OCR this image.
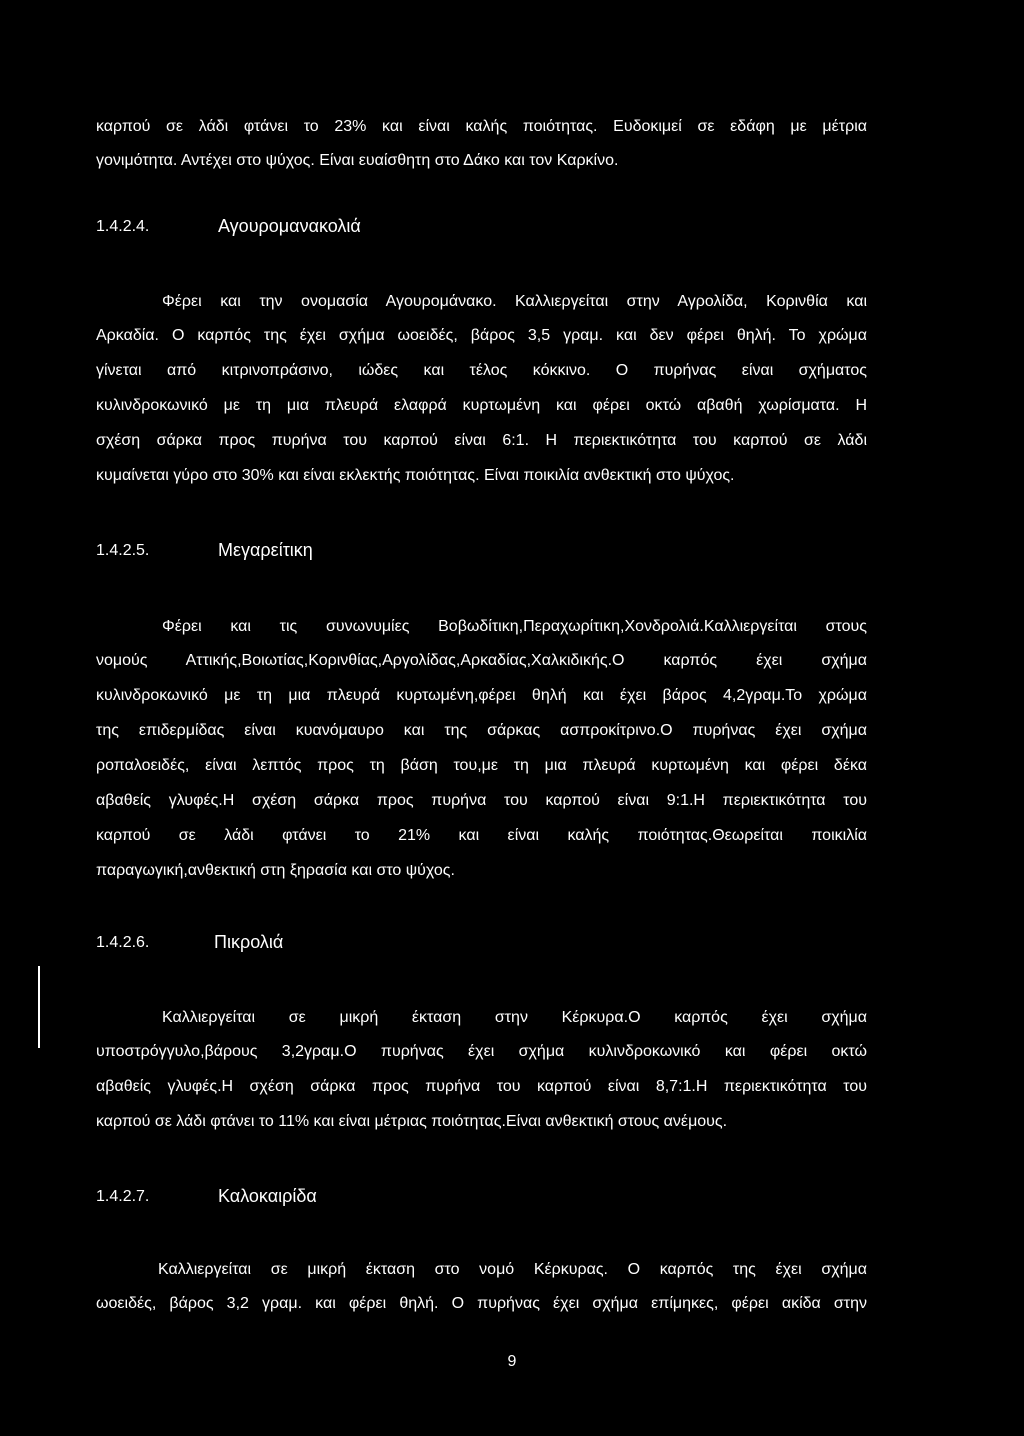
καρπού σε λάδι φτάνει το 23% και είναι καλής ποιότητας. Ευδοκιμεί σε εδάφη με μέτρια
γονιμότητα. Αντέχει στο ψύχος. Είναι ευαίσθητη στο Δάκο και τον Καρκίνο.
1.4.2.4.	Αγουρομανακολιά
Φέρει και την ονομασία Αγουρομάνακο. Καλλιεργείται στην Αγρολίδα, Κορινθία και
Αρκαδία. Ο καρπός της έχει σχήμα ωοειδές, βάρος 3,5 γραμ. και δεν φέρει θηλή. Το χρώμα
γίνεται από κιτρινοπράσινο, ιώδες και τέλος κόκκινο. Ο πυρήνας είναι σχήματος
κυλινδροκωνικό με τη μια πλευρά ελαφρά κυρτωμένη και φέρει οκτώ αβαθή χωρίσματα. Η
σχέση σάρκα προς πυρήνα του καρπού είναι 6:1. Η περιεκτικότητα του καρπού σε λάδι
κυμαίνεται γύρο στο 30% και είναι εκλεκτής ποιότητας. Είναι ποικιλία ανθεκτική στο ψύχος.
1.4.2.5.	Μεγαρείτικη
Φέρει και τις συνωνυμίες Βοβωδίτικη,Περαχωρίτικη,Χονδρολιά.Καλλιεργείται στους
νομούς Αττικής,Βοιωτίας,Κορινθίας,Αργολίδας,Αρκαδίας,Χαλκιδικής.Ο καρπός έχει σχήμα
κυλινδροκωνικό με τη μια πλευρά κυρτωμένη,φέρει θηλή και έχει βάρος 4,2γραμ.Το χρώμα
της επιδερμίδας είναι κυανόμαυρο και της σάρκας ασπροκίτρινο.Ο πυρήνας έχει σχήμα
ροπαλοειδές, είναι λεπτός προς τη βάση του,με τη μια πλευρά κυρτωμένη και φέρει δέκα
αβαθείς γλυφές.Η σχέση σάρκα προς πυρήνα του καρπού είναι 9:1.Η περιεκτικότητα του
καρπού σε λάδι φτάνει το 21% και είναι καλής ποιότητας.Θεωρείται ποικιλία
παραγωγική,ανθεκτική στη ξηρασία και στο ψύχος.
1.4.2.6.	Πικρολιά
Καλλιεργείται σε μικρή έκταση στην Κέρκυρα.Ο καρπός έχει σχήμα
υποστρόγγυλο,βάρους 3,2γραμ.Ο πυρήνας έχει σχήμα κυλινδροκωνικό και φέρει οκτώ
αβαθείς γλυφές.Η σχέση σάρκα προς πυρήνα του καρπού είναι 8,7:1.Η περιεκτικότητα του
καρπού σε λάδι φτάνει το 11% και είναι μέτριας ποιότητας.Είναι ανθεκτική στους ανέμους.
1.4.2.7.	Καλοκαιρίδα
Καλλιεργείται σε μικρή έκταση στο νομό Κέρκυρας. Ο καρπός της έχει σχήμα
ωοειδές, βάρος 3,2 γραμ. και φέρει θηλή. Ο πυρήνας έχει σχήμα επίμηκες, φέρει ακίδα στην
9
